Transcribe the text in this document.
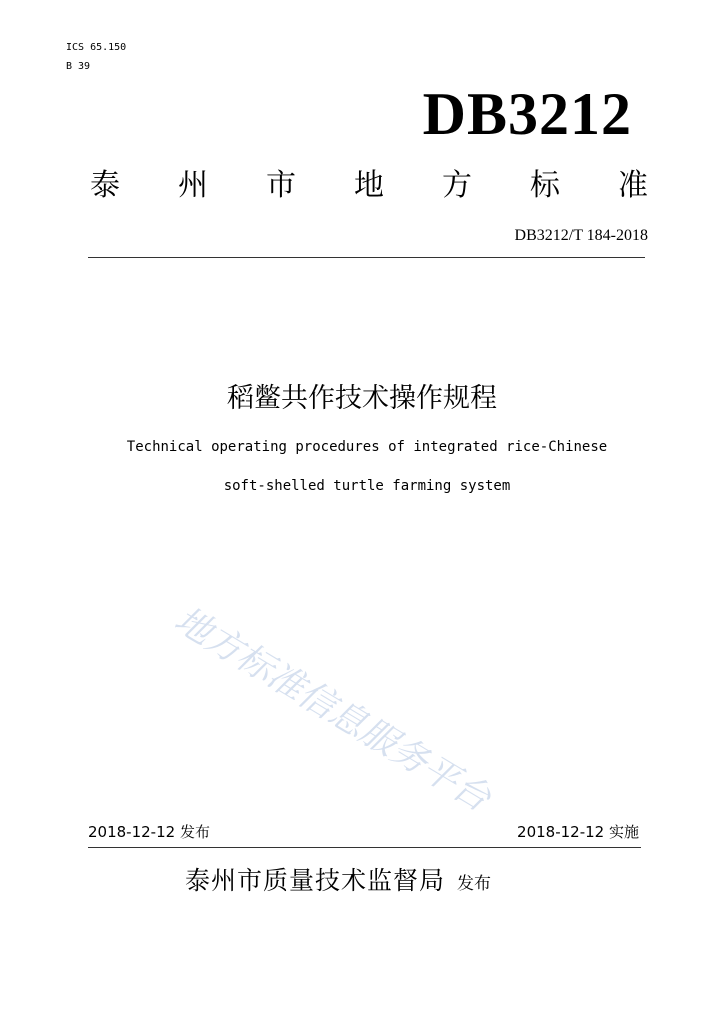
ICS 65.150
B 39
DB3212
泰 州 市 地 方 标 准
DB3212/T 184-2018
稻鳖共作技术操作规程
Technical operating procedures of integrated rice-Chinese
soft-shelled turtle farming system
地方标准信息服务平台
2018-12-12 发布	2018-12-12 实施
泰州市质量技术监督局 发布
